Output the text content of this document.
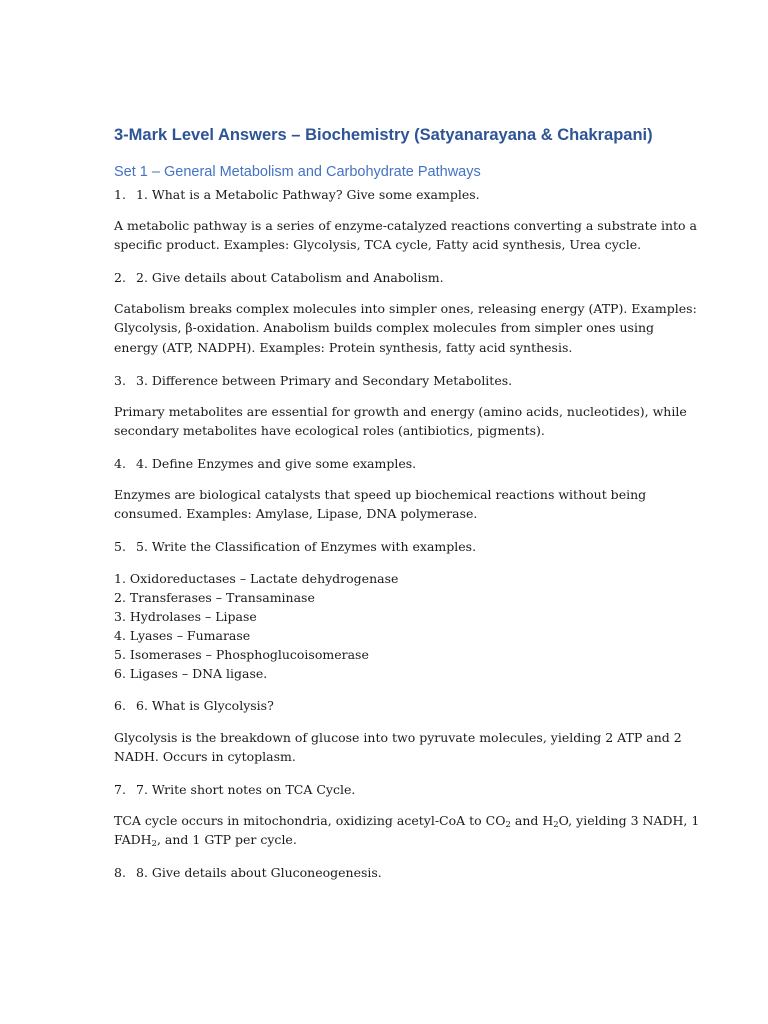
3-Mark Level Answers – Biochemistry (Satyanarayana & Chakrapani)
Set 1 – General Metabolism and Carbohydrate Pathways

1. 1. What is a Metabolic Pathway? Give some examples.

A metabolic pathway is a series of enzyme-catalyzed reactions converting a substrate into a
specific product. Examples: Glycolysis, TCA cycle, Fatty acid synthesis, Urea cycle.

2. 2. Give details about Catabolism and Anabolism.

Catabolism breaks complex molecules into simpler ones, releasing energy (ATP). Examples:
Glycolysis, β-oxidation. Anabolism builds complex molecules from simpler ones using
energy (ATP, NADPH). Examples: Protein synthesis, fatty acid synthesis.

3. 3. Difference between Primary and Secondary Metabolites.

Primary metabolites are essential for growth and energy (amino acids, nucleotides), while
secondary metabolites have ecological roles (antibiotics, pigments).

4. 4. Define Enzymes and give some examples.

Enzymes are biological catalysts that speed up biochemical reactions without being
consumed. Examples: Amylase, Lipase, DNA polymerase.

5. 5. Write the Classification of Enzymes with examples.

1. Oxidoreductases – Lactate dehydrogenase
2. Transferases – Transaminase
3. Hydrolases – Lipase
4. Lyases – Fumarase
5. Isomerases – Phosphoglucoisomerase
6. Ligases – DNA ligase.

6. 6. What is Glycolysis?

Glycolysis is the breakdown of glucose into two pyruvate molecules, yielding 2 ATP and 2
NADH. Occurs in cytoplasm.

7. 7. Write short notes on TCA Cycle.

TCA cycle occurs in mitochondria, oxidizing acetyl-CoA to $CO_2$ and $H_2O$, yielding 3 NADH, 1
$FADH_2$, and 1 GTP per cycle.

8. 8. Give details about Gluconeogenesis.
